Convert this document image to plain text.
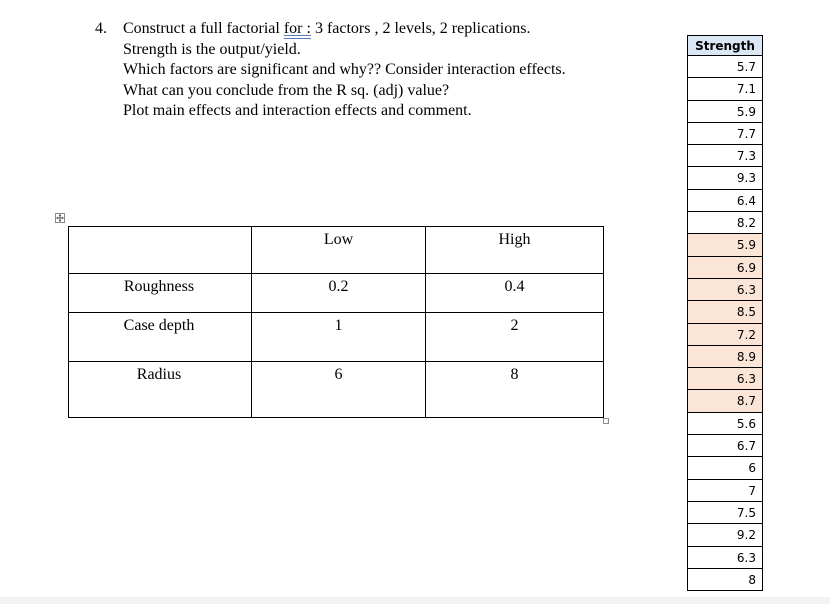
4. Construct a full factorial for : 3 factors , 2 levels, 2 replications.
Strength is the output/yield.
Which factors are significant and why?? Consider interaction effects.
What can you conclude from the R sq. (adj) value?
Plot main effects and interaction effects and comment.
	Low	High
Roughness	0.2	0.4
Case depth	1	2
Radius	6	8
Strength
5.7
7.1
5.9
7.7
7.3
9.3
6.4
8.2
5.9
6.9
6.3
8.5
7.2
8.9
6.3
8.7
5.6
6.7
6
7
7.5
9.2
6.3
8
